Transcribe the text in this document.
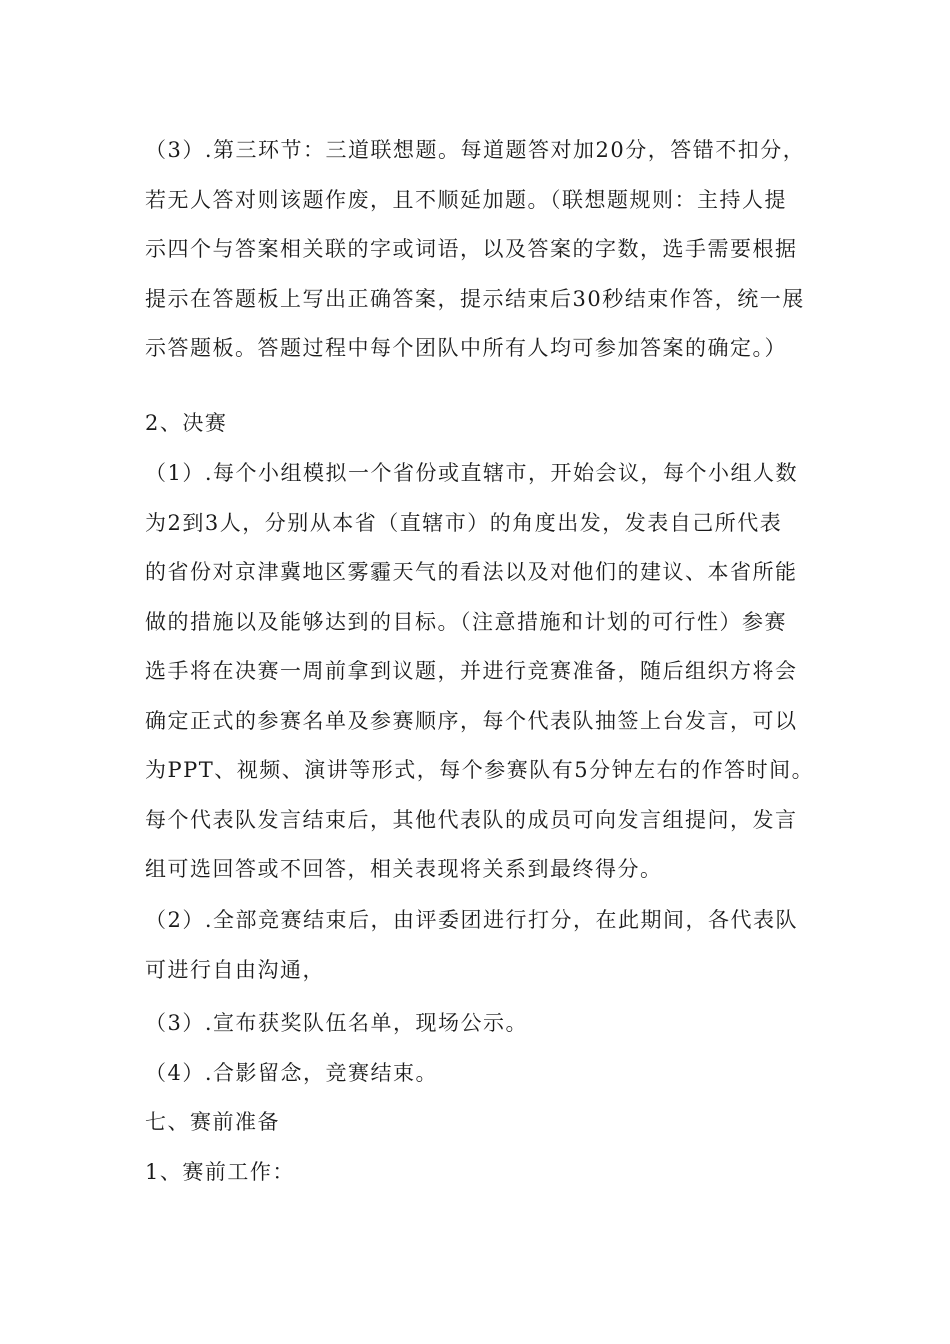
（3）.第三环节：三道联想题。每道题答对加20分，答错不扣分，
若无人答对则该题作废，且不顺延加题。（联想题规则：主持人提
示四个与答案相关联的字或词语，以及答案的字数，选手需要根据
提示在答题板上写出正确答案，提示结束后30秒结束作答，统一展
示答题板。答题过程中每个团队中所有人均可参加答案的确定。）
2、决赛
（1）.每个小组模拟一个省份或直辖市，开始会议，每个小组人数
为2到3人，分别从本省（直辖市）的角度出发，发表自己所代表
的省份对京津冀地区雾霾天气的看法以及对他们的建议、本省所能
做的措施以及能够达到的目标。（注意措施和计划的可行性）参赛
选手将在决赛一周前拿到议题，并进行竞赛准备，随后组织方将会
确定正式的参赛名单及参赛顺序，每个代表队抽签上台发言，可以
为PPT、视频、演讲等形式，每个参赛队有5分钟左右的作答时间。
每个代表队发言结束后，其他代表队的成员可向发言组提问，发言
组可选回答或不回答，相关表现将关系到最终得分。
（2）.全部竞赛结束后，由评委团进行打分，在此期间，各代表队
可进行自由沟通，
（3）.宣布获奖队伍名单，现场公示。
（4）.合影留念，竞赛结束。
七、赛前准备
1、赛前工作：
